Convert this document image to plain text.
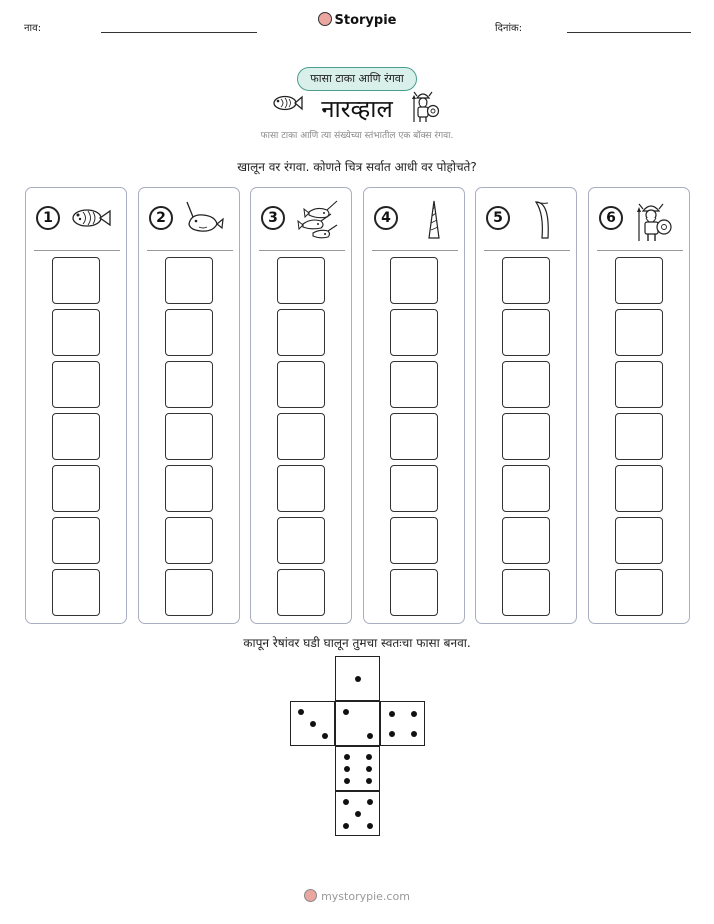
नाव:
Storypie
दिनांक:
फासा टाका आणि रंगवा
नारव्हाल
फासा टाका आणि त्या संख्येच्या स्तंभातील एक बॉक्स रंगवा.
खालून वर रंगवा. कोणते चित्र सर्वात आधी वर पोहोचते?
1	2	3	4	5	6
कापून रेषांवर घडी घालून तुमचा स्वतःचा फासा बनवा.
mystorypie.com
